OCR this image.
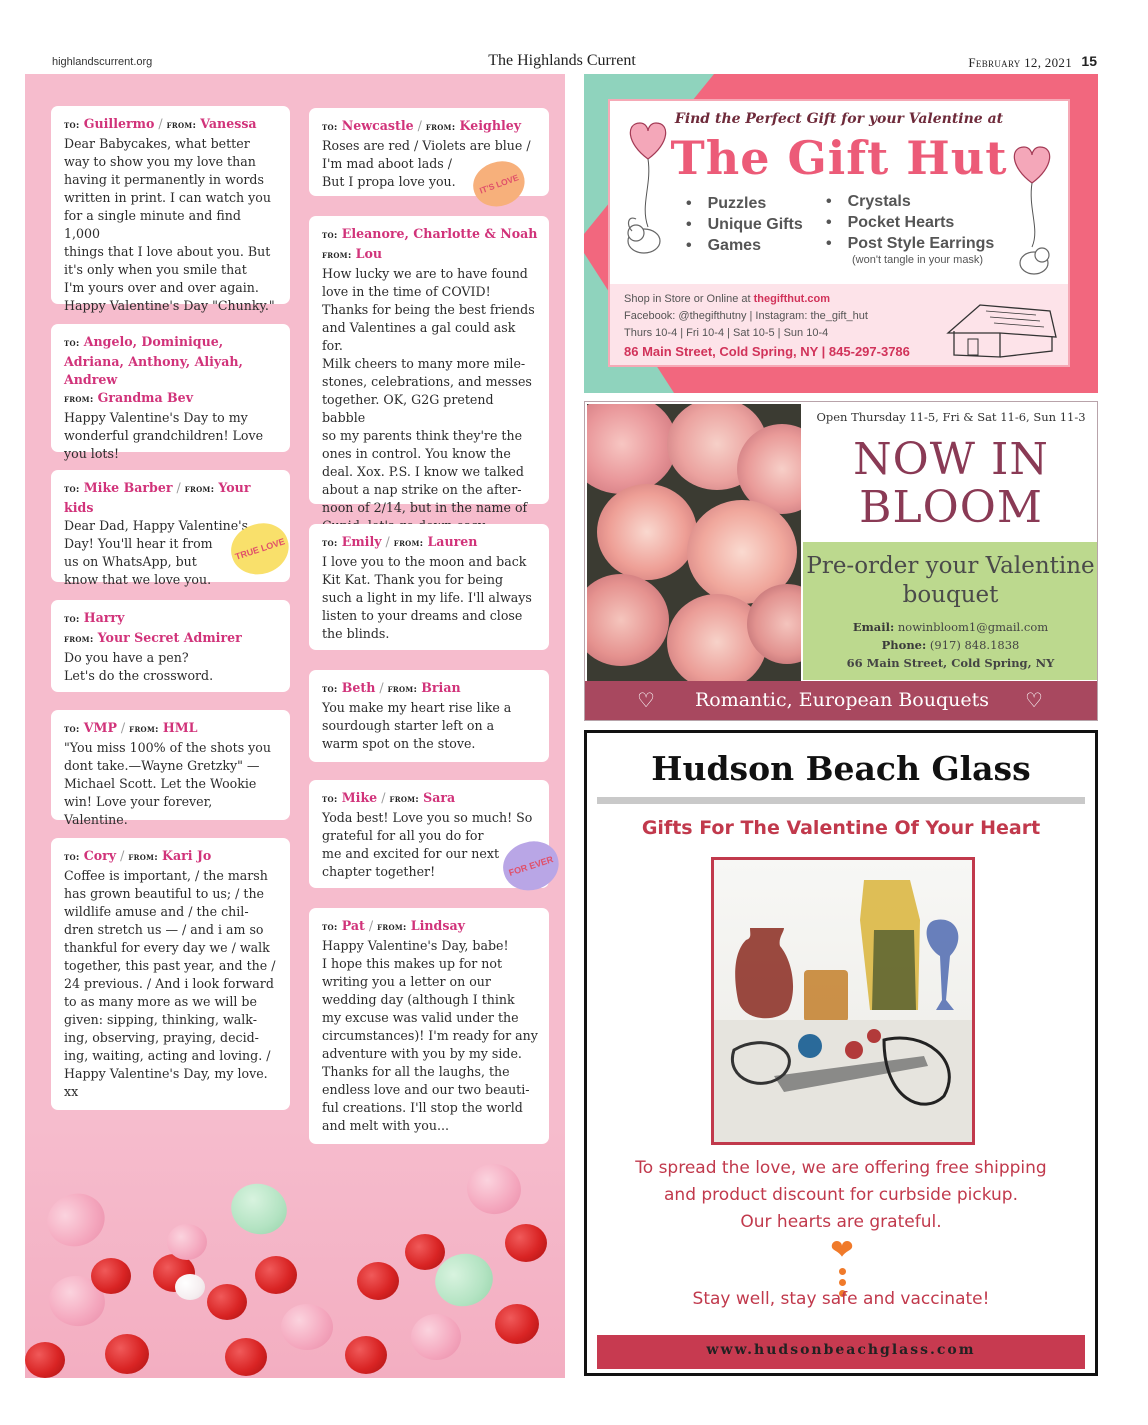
highlandscurrent.org	The Highlands Current	February 12, 2021 15
to: Guillermo / from: Vanessa
Dear Babycakes, what better
way to show you my love than
having it permanently in words
written in print. I can watch you
for a single minute and find 1,000
things that I love about you. But
it's only when you smile that
I'm yours over and over again.
Happy Valentine's Day "Chunky."
to: Angelo, Dominique, Adriana, Anthony, Aliyah, Andrew
from: Grandma Bev
Happy Valentine's Day to my
wonderful grandchildren! Love
you lots!
to: Mike Barber / from: Your kids
Dear Dad, Happy Valentine's
Day! You'll hear it from
us on WhatsApp, but
know that we love you.
to: Harry
from: Your Secret Admirer
Do you have a pen?
Let's do the crossword.
to: VMP / from: HML
"You miss 100% of the shots you
dont take.—Wayne Gretzky" —
Michael Scott. Let the Wookie
win! Love your forever, Valentine.
to: Cory / from: Kari Jo
Coffee is important, / the marsh
has grown beautiful to us; / the
wildlife amuse and / the chil-
dren stretch us — / and i am so
thankful for every day we / walk
together, this past year, and the /
24 previous. / And i look forward
to as many more as we will be
given: sipping, thinking, walk-
ing, observing, praying, decid-
ing, waiting, acting and loving. /
Happy Valentine's Day, my love.
xx
to: Newcastle / from: Keighley
Roses are red / Violets are blue /
I'm mad aboot lads /
But I propa love you.
to: Eleanore, Charlotte & Noah
from: Lou
How lucky we are to have found
love in the time of COVID!
Thanks for being the best friends
and Valentines a gal could ask for.
Milk cheers to many more mile-
stones, celebrations, and messes
together. OK, G2G pretend babble
so my parents think they're the
ones in control. You know the
deal. Xox. P.S. I know we talked
about a nap strike on the after-
noon of 2/14, but in the name of

to: Emily / from: Lauren
I love you to the moon and back
Kit Kat. Thank you for being
such a light in my life. I'll always
listen to your dreams and close
the blinds.
to: Beth / from: Brian
You make my heart rise like a
sourdough starter left on a
warm spot on the stove.
to: Mike / from: Sara
Yoda best! Love you so much! So
grateful for all you do for
me and excited for our next
chapter together!
to: Pat / from: Lindsay
Happy Valentine's Day, babe!
I hope this makes up for not
writing you a letter on our
wedding day (although I think
my excuse was valid under the
circumstances)! I'm ready for any
adventure with you by my side.
Thanks for all the laughs, the
endless love and our two beauti-
ful creations. I'll stop the world
and melt with you...
IT'S LOVE
TRUE LOVE
FOR EVER
Find the Perfect Gift for your Valentine at
The Gift Hut
• Puzzles
• Unique Gifts
• Games
• Crystals
• Pocket Hearts
• Post Style Earrings
(won't tangle in your mask)
Shop in Store or Online at thegifthut.com
Facebook: @thegifthutny | Instagram: the_gift_hut
Thurs 10-4 | Fri 10-4 | Sat 10-5 | Sun 10-4
86 Main Street, Cold Spring, NY | 845-297-3786
Open Thursday 11-5, Fri & Sat 11-6, Sun 11-3
NOW IN BLOOM
Pre-order your Valentine bouquet
Email: nowinbloom1@gmail.com
Phone: (917) 848.1838
66 Main Street, Cold Spring, NY
♡	Romantic, European Bouquets	♡
Hudson Beach Glass
Gifts For The Valentine Of Your Heart
To spread the love, we are offering free shipping
and product discount for curbside pickup.
Our hearts are grateful.
❤
Stay well, stay safe and vaccinate!
www.hudsonbeachglass.com
